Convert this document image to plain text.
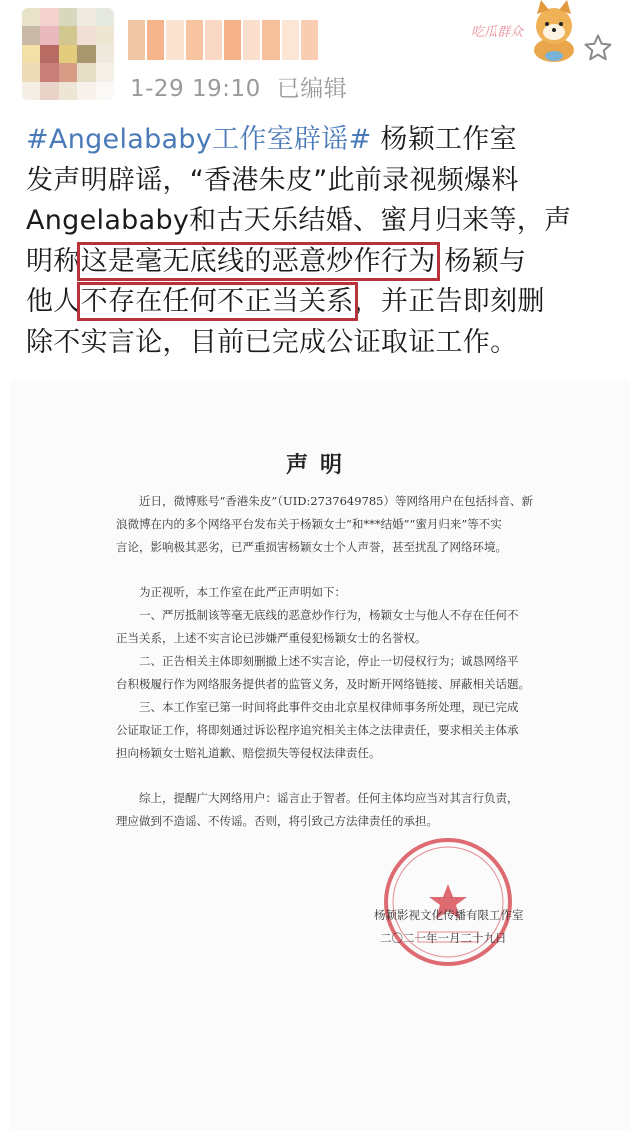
1-29 19:10 已编辑
吃瓜群众
#Angelababy工作室辟谣# 杨颖工作室
发声明辟谣，“香港朱皮”此前录视频爆料
Angelababy和古天乐结婚、蜜月归来等，声
明称这是毫无底线的恶意炒作行为 杨颖与
他人不存在任何不正当关系，并正告即刻删
除不实言论，目前已完成公证取证工作。
声明

　　近日，微博账号“香港朱皮”（UID:2737649785）等网络用户在包括抖音、新

浪微博在内的多个网络平台发布关于杨颖女士“和***结婚”“蜜月归来”等不实

言论，影响极其恶劣，已严重损害杨颖女士个人声誉，甚至扰乱了网络环境。

　　为正视听，本工作室在此严正声明如下：

　　一、严厉抵制该等毫无底线的恶意炒作行为，杨颖女士与他人不存在任何不

正当关系，上述不实言论已涉嫌严重侵犯杨颖女士的名誉权。

　　二、正告相关主体即刻删撤上述不实言论，停止一切侵权行为；诚恳网络平

台积极履行作为网络服务提供者的监管义务，及时断开网络链接、屏蔽相关话题。

　　三、本工作室已第一时间将此事件交由北京星权律师事务所处理，现已完成

公证取证工作，将即刻通过诉讼程序追究相关主体之法律责任，要求相关主体承

担向杨颖女士赔礼道歉、赔偿损失等侵权法律责任。

　　综上，提醒广大网络用户：谣言止于智者。任何主体均应当对其言行负责，

理应做到不造谣、不传谣。否则，将引致己方法律责任的承担。

杨颖影视文化传播有限工作室

二〇二一年一月二十九日
